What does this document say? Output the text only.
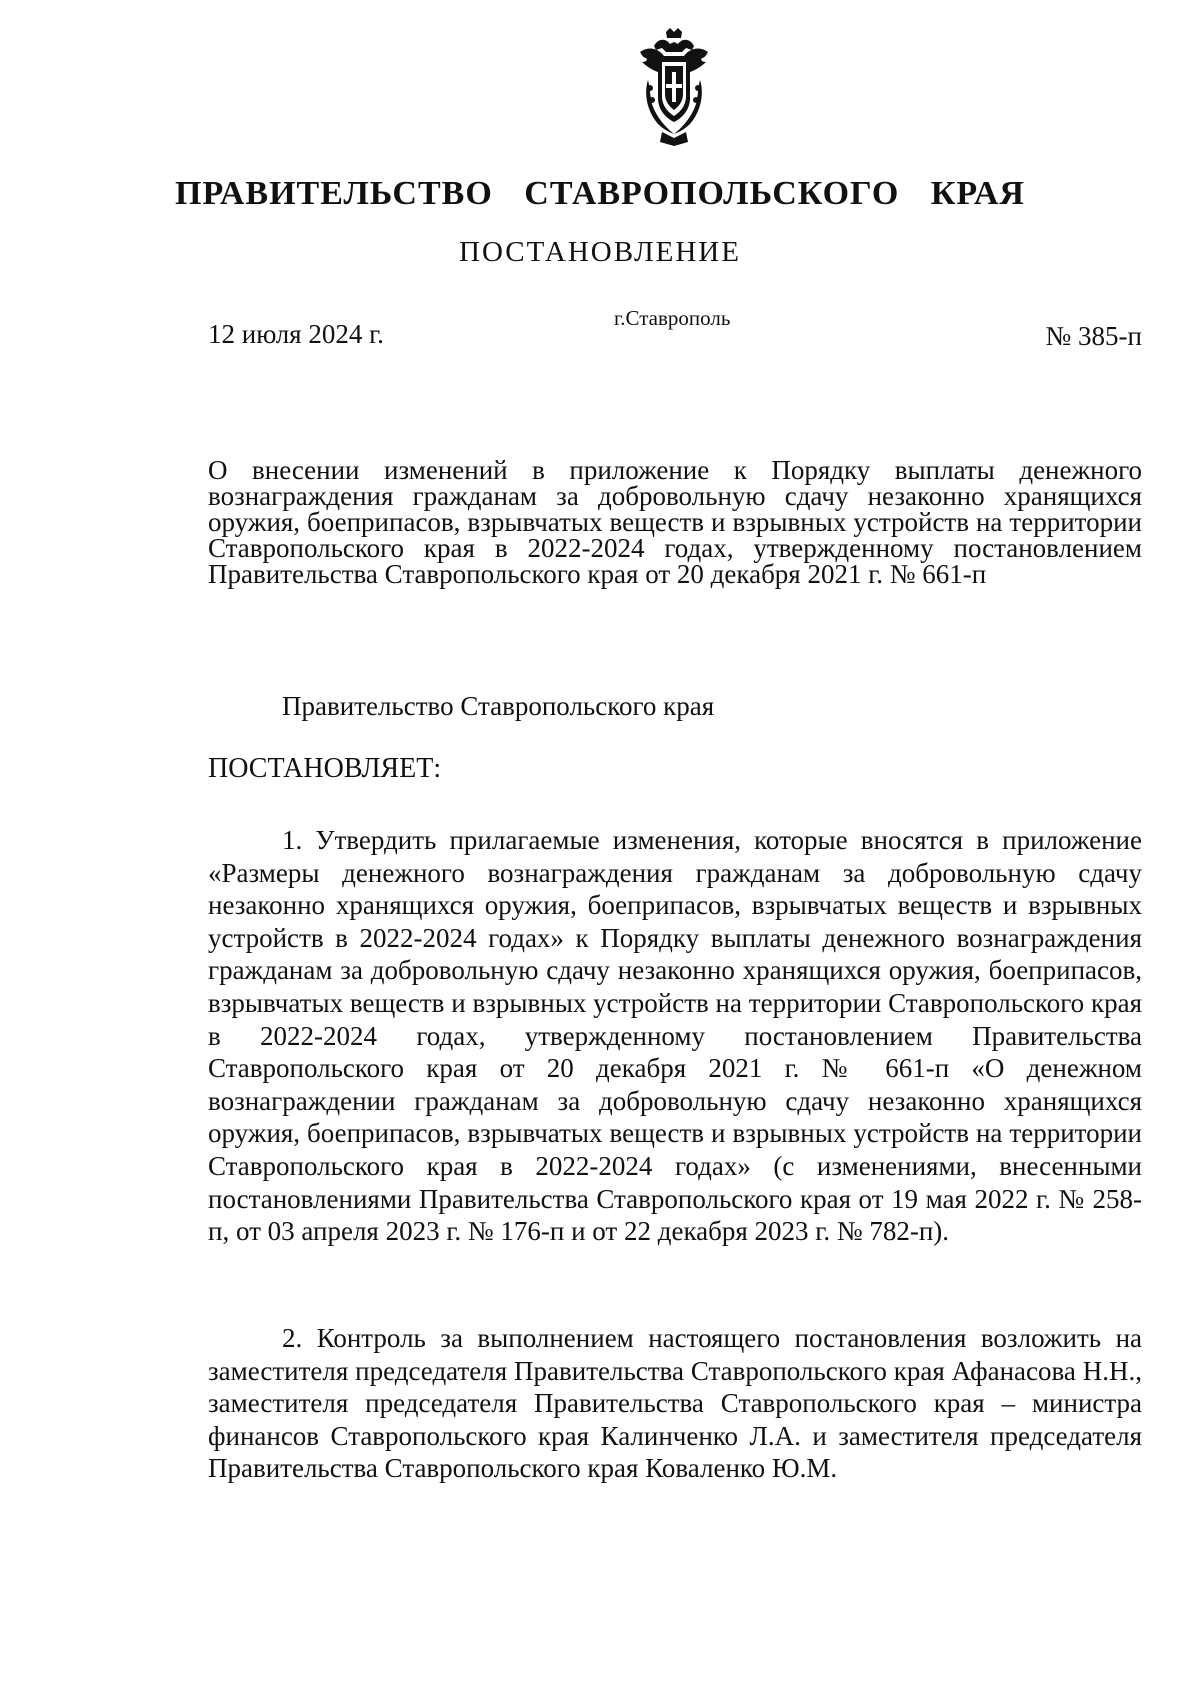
ПРАВИТЕЛЬСТВО СТАВРОПОЛЬСКОГО КРАЯ
ПОСТАНОВЛЕНИЕ
12 июля 2024 г.
г.Ставрополь
№ 385-п
О внесении изменений в приложение к Порядку выплаты денежного вознаграждения гражданам за добровольную сдачу незаконно хранящихся оружия, боеприпасов, взрывчатых веществ и взрывных устройств на территории Ставропольского края в 2022-2024 годах, утвержденному постановлением Правительства Ставропольского края от 20 декабря 2021 г. № 661-п
Правительство Ставропольского края
ПОСТАНОВЛЯЕТ:
1. Утвердить прилагаемые изменения, которые вносятся в приложение «Размеры денежного вознаграждения гражданам за добровольную сдачу незаконно хранящихся оружия, боеприпасов, взрывчатых веществ и взрывных устройств в 2022-2024 годах» к Порядку выплаты денежного вознаграждения гражданам за добровольную сдачу незаконно хранящихся оружия, боеприпасов, взрывчатых веществ и взрывных устройств на территории Ставропольского края в 2022-2024 годах, утвержденному постановлением Правительства Ставропольского края от 20 декабря 2021 г. № 661-п «О денежном вознаграждении гражданам за добровольную сдачу незаконно хранящихся оружия, боеприпасов, взрывчатых веществ и взрывных устройств на территории Ставропольского края в 2022-2024 годах» (с изменениями, внесенными постановлениями Правительства Ставропольского края от 19 мая 2022 г. № 258-п, от 03 апреля 2023 г. № 176-п и от 22 декабря 2023 г. № 782-п).
2. Контроль за выполнением настоящего постановления возложить на заместителя председателя Правительства Ставропольского края Афанасова Н.Н., заместителя председателя Правительства Ставропольского края – министра финансов Ставропольского края Калинченко Л.А. и заместителя председателя Правительства Ставропольского края Коваленко Ю.М.
